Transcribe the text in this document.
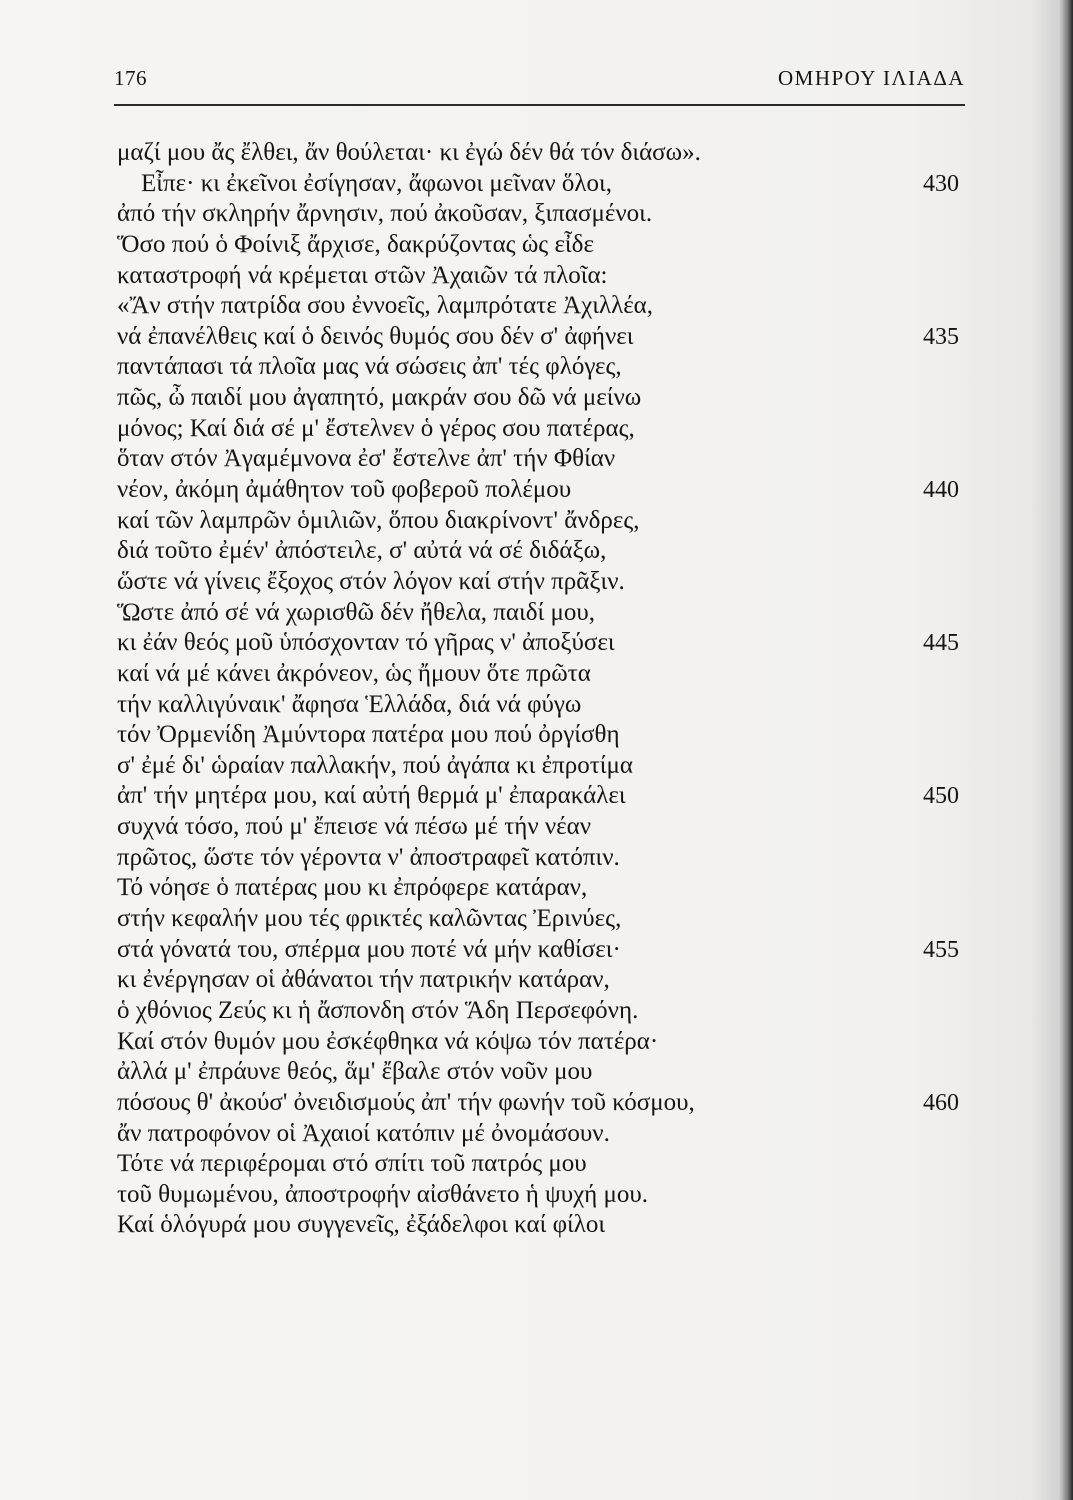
176	ΟΜΗΡΟΥ ΙΛΙΑΔΑ
μαζί μου ἄς ἔλθει, ἄν θούλεται· κι ἐγώ δέν θά τόν διάσω».
Εἶπε· κι ἐκεῖνοι ἐσίγησαν, ἄφωνοι μεῖναν ὅλοι,	430
ἀπό τήν σκληρήν ἄρνησιν, πού ἀκοῦσαν, ξιπασμένοι.
Ὅσο πού ὁ Φοίνιξ ἄρχισε, δακρύζοντας ὡς εἶδε
καταστροφή νά κρέμεται στῶν Ἀχαιῶν τά πλοῖα:
«Ἄν στήν πατρίδα σου ἐννοεῖς, λαμπρότατε Ἀχιλλέα,
νά ἐπανέλθεις καί ὁ δεινός θυμός σου δέν σ' ἀφήνει	435
παντάπασι τά πλοῖα μας νά σώσεις ἀπ' τές φλόγες,
πῶς, ὦ παιδί μου ἀγαπητό, μακράν σου δῶ νά μείνω
μόνος; Καί διά σέ μ' ἔστελνεν ὁ γέρος σου πατέρας,
ὅταν στόν Ἀγαμέμνονα ἐσ' ἔστελνε ἀπ' τήν Φθίαν
νέον, ἀκόμη ἀμάθητον τοῦ φοβεροῦ πολέμου	440
καί τῶν λαμπρῶν ὁμιλιῶν, ὅπου διακρίνοντ' ἄνδρες,
διά τοῦτο ἐμέν' ἀπόστειλε, σ' αὐτά νά σέ διδάξω,
ὥστε νά γίνεις ἔξοχος στόν λόγον καί στήν πρᾶξιν.
Ὥστε ἀπό σέ νά χωρισθῶ δέν ἤθελα, παιδί μου,
κι ἐάν θεός μοῦ ὑπόσχονταν τό γῆρας ν' ἀποξύσει	445
καί νά μέ κάνει ἀκρόνεον, ὡς ἤμουν ὅτε πρῶτα
τήν καλλιγύναικ' ἄφησα Ἑλλάδα, διά νά φύγω
τόν Ὀρμενίδη Ἀμύντορα πατέρα μου πού ὀργίσθη
σ' ἐμέ δι' ὡραίαν παλλακήν, πού ἀγάπα κι ἐπροτίμα
ἀπ' τήν μητέρα μου, καί αὐτή θερμά μ' ἐπαρακάλει	450
συχνά τόσο, πού μ' ἔπεισε νά πέσω μέ τήν νέαν
πρῶτος, ὥστε τόν γέροντα ν' ἀποστραφεῖ κατόπιν.
Τό νόησε ὁ πατέρας μου κι ἐπρόφερε κατάραν,
στήν κεφαλήν μου τές φρικτές καλῶντας Ἐρινύες,
στά γόνατά του, σπέρμα μου ποτέ νά μήν καθίσει·	455
κι ἐνέργησαν οἱ ἀθάνατοι τήν πατρικήν κατάραν,
ὁ χθόνιος Ζεύς κι ἡ ἄσπονδη στόν Ἅδη Περσεφόνη.
Καί στόν θυμόν μου ἐσκέφθηκα νά κόψω τόν πατέρα·
ἀλλά μ' ἐπράυνε θεός, ἅμ' ἔβαλε στόν νοῦν μου
πόσους θ' ἀκούσ' ὀνειδισμούς ἀπ' τήν φωνήν τοῦ κόσμου,	460
ἄν πατροφόνον οἱ Ἀχαιοί κατόπιν μέ ὀνομάσουν.
Τότε νά περιφέρομαι στό σπίτι τοῦ πατρός μου
τοῦ θυμωμένου, ἀποστροφήν αἰσθάνετο ἡ ψυχή μου.
Καί ὁλόγυρά μου συγγενεῖς, ἐξάδελφοι καί φίλοι
